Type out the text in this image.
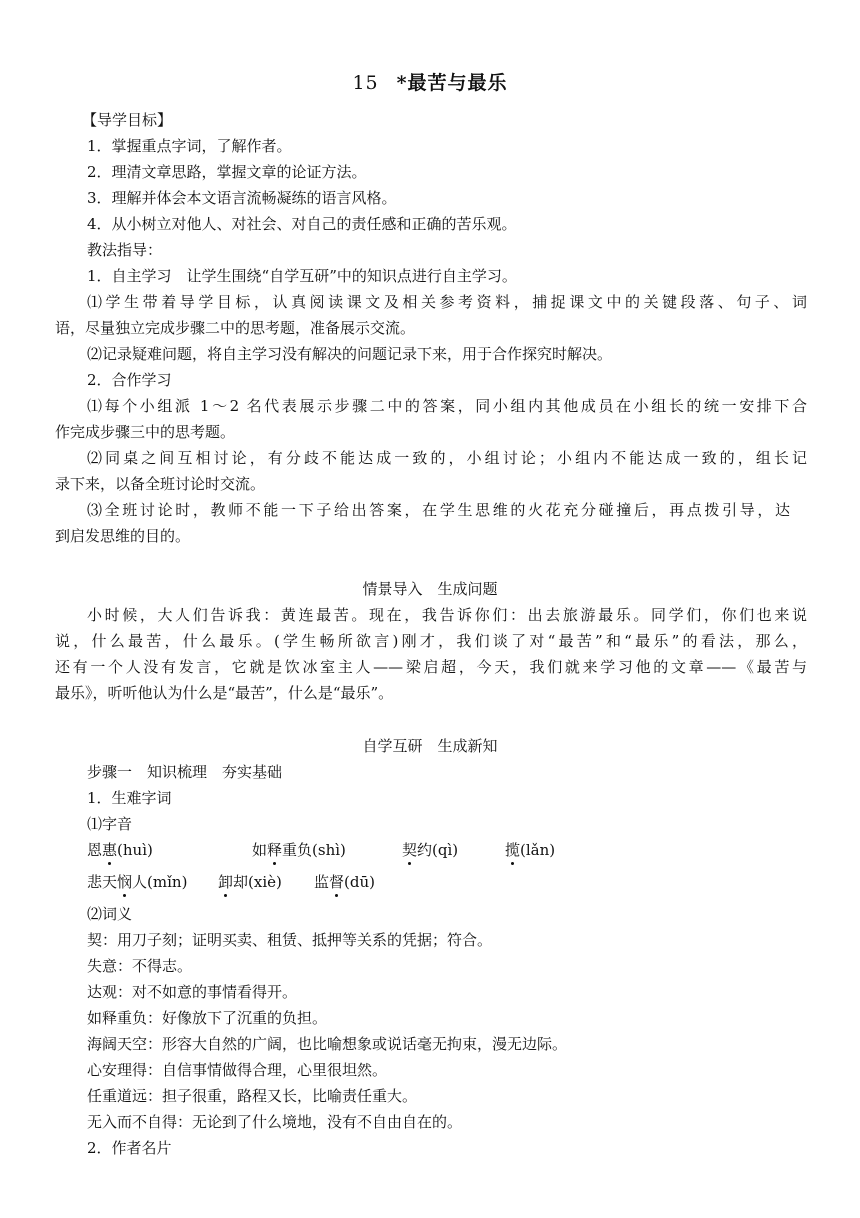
15 *最苦与最乐
【导学目标】
1．掌握重点字词，了解作者。
2．理清文章思路，掌握文章的论证方法。
3．理解并体会本文语言流畅凝练的语言风格。
4．从小树立对他人、对社会、对自己的责任感和正确的苦乐观。
教法指导：
1．自主学习　让学生围绕“自学互研”中的知识点进行自主学习。
⑴学生带着导学目标，认真阅读课文及相关参考资料，捕捉课文中的关键段落、句子、词
语，尽量独立完成步骤二中的思考题，准备展示交流。
⑵记录疑难问题，将自主学习没有解决的问题记录下来，用于合作探究时解决。
2．合作学习
⑴每个小组派 1～2 名代表展示步骤二中的答案，同小组内其他成员在小组长的统一安排下合
作完成步骤三中的思考题。
⑵同桌之间互相讨论，有分歧不能达成一致的，小组讨论；小组内不能达成一致的，组长记
录下来，以备全班讨论时交流。
⑶全班讨论时，教师不能一下子给出答案，在学生思维的火花充分碰撞后，再点拨引导，达
到启发思维的目的。
情景导入　生成问题
小时候，大人们告诉我：黄连最苦。现在，我告诉你们：出去旅游最乐。同学们，你们也来说
说，什么最苦，什么最乐。(学生畅所欲言)刚才，我们谈了对“最苦”和“最乐”的看法，那么，
还有一个人没有发言，它就是饮冰室主人——梁启超，今天，我们就来学习他的文章——《最苦与
最乐》，听听他认为什么是“最苦”，什么是“最乐”。
自学互研　生成新知
步骤一　知识梳理　夯实基础
1．生难字词
⑴字音
恩惠(huì)	如释重负(shì)	契约(qì)	揽(lǎn)
悲天悯人(mǐn) 卸却(xiè) 监督(dū)
⑵词义
契：用刀子刻；证明买卖、租赁、抵押等关系的凭据；符合。
失意：不得志。
达观：对不如意的事情看得开。
如释重负：好像放下了沉重的负担。
海阔天空：形容大自然的广阔，也比喻想象或说话毫无拘束，漫无边际。
心安理得：自信事情做得合理，心里很坦然。
任重道远：担子很重，路程又长，比喻责任重大。
无入而不自得：无论到了什么境地，没有不自由自在的。
2．作者名片
